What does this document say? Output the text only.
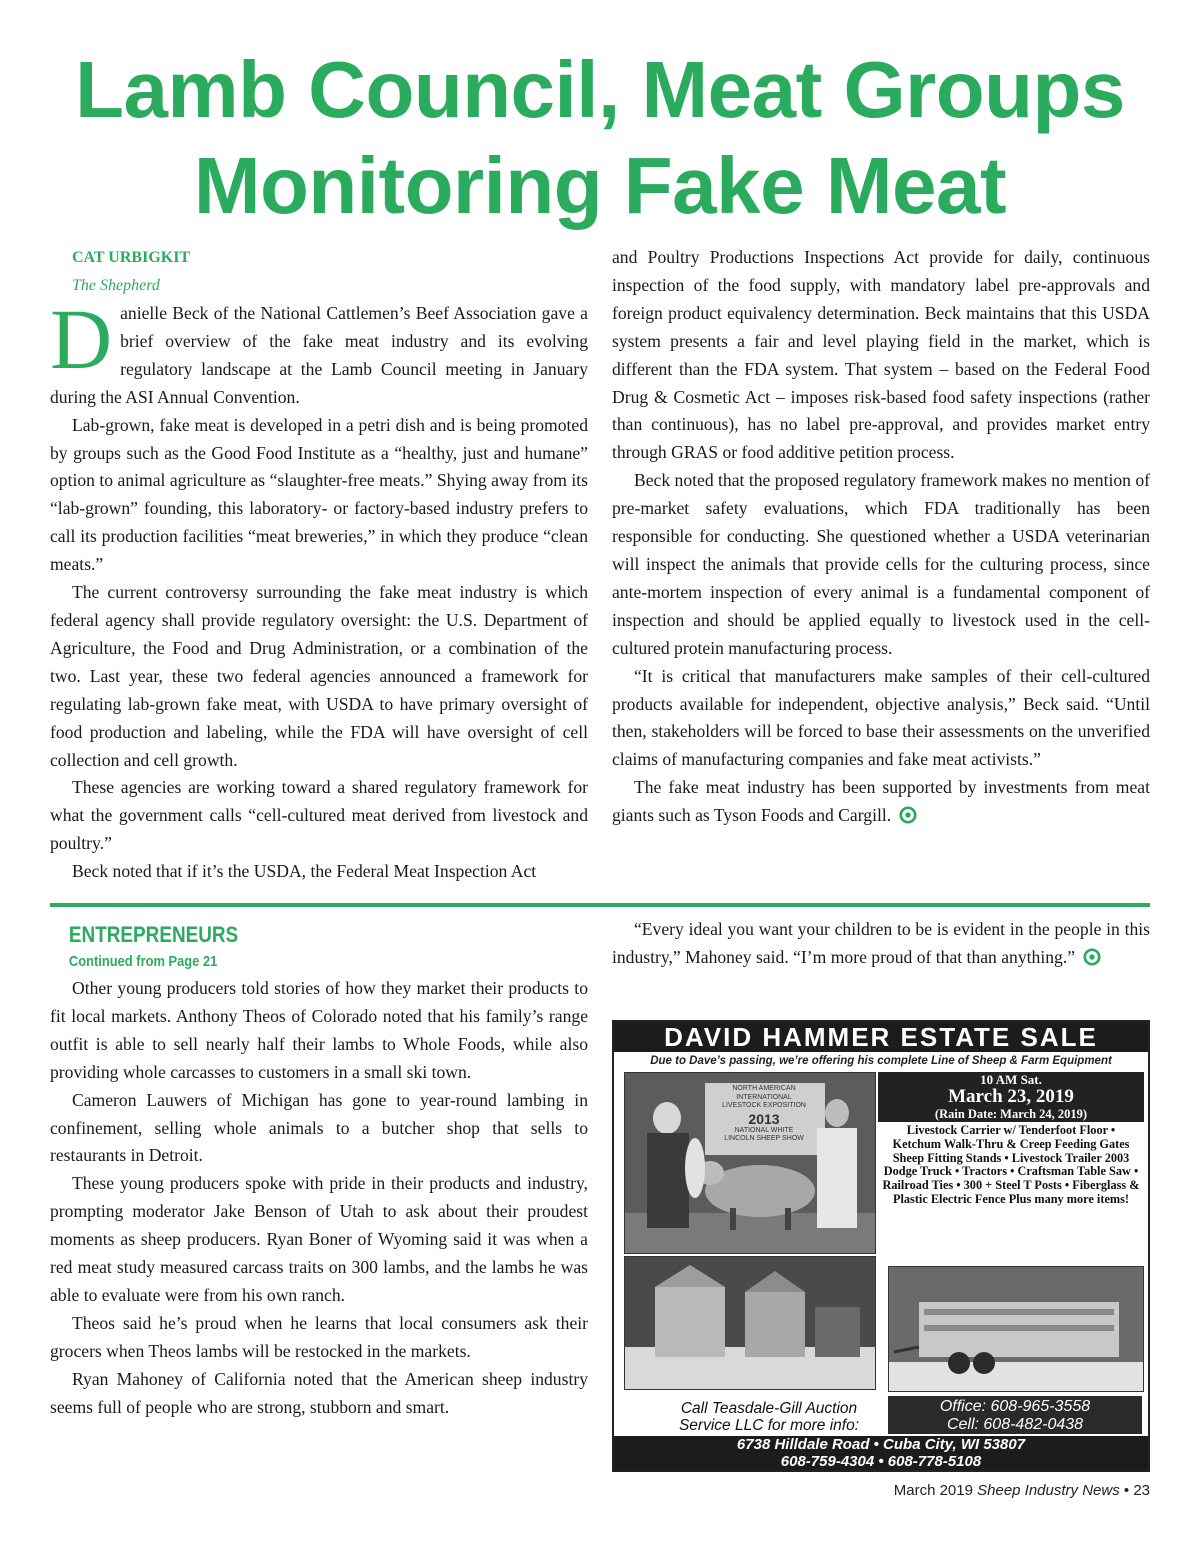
Lamb Council, Meat Groups
Monitoring Fake Meat

CAT URBIGKIT

The Shepherd

Danielle Beck of the National Cattlemen’s Beef Association gave a brief overview of the fake meat industry and its evolving regulatory landscape at the Lamb Council meeting in January during the ASI Annual Convention.

Lab-grown, fake meat is developed in a petri dish and is being promoted by groups such as the Good Food Institute as a “healthy, just and humane” option to animal agriculture as “slaughter-free meats.” Shying away from its “lab-grown” founding, this laboratory- or factory-based industry prefers to call its production facilities “meat breweries,” in which they produce “clean meats.”

The current controversy surrounding the fake meat industry is which federal agency shall provide regulatory oversight: the U.S. Department of Agriculture, the Food and Drug Administration, or a combination of the two. Last year, these two federal agencies announced a framework for regulating lab-grown fake meat, with USDA to have primary oversight of food production and labeling, while the FDA will have oversight of cell collection and cell growth.

These agencies are working toward a shared regulatory framework for what the government calls “cell-cultured meat derived from livestock and poultry.”

Beck noted that if it’s the USDA, the Federal Meat Inspection Act

and Poultry Productions Inspections Act provide for daily, continuous inspection of the food supply, with mandatory label pre-approvals and foreign product equivalency determination. Beck maintains that this USDA system presents a fair and level playing field in the market, which is different than the FDA system. That system – based on the Federal Food Drug & Cosmetic Act – imposes risk-based food safety inspections (rather than continuous), has no label pre-approval, and provides market entry through GRAS or food additive petition process.

Beck noted that the proposed regulatory framework makes no mention of pre-market safety evaluations, which FDA traditionally has been responsible for conducting. She questioned whether a USDA veterinarian will inspect the animals that provide cells for the culturing process, since ante-mortem inspection of every animal is a fundamental component of inspection and should be applied equally to livestock used in the cell-cultured protein manufacturing process.

“It is critical that manufacturers make samples of their cell-cultured products available for independent, objective analysis,” Beck said. “Until then, stakeholders will be forced to base their assessments on the unverified claims of manufacturing companies and fake meat activists.”

The fake meat industry has been supported by investments from meat giants such as Tyson Foods and Cargill.

ENTREPRENEURS

Continued from Page 21

Other young producers told stories of how they market their products to fit local markets. Anthony Theos of Colorado noted that his family’s range outfit is able to sell nearly half their lambs to Whole Foods, while also providing whole carcasses to customers in a small ski town.

Cameron Lauwers of Michigan has gone to year-round lambing in confinement, selling whole animals to a butcher shop that sells to restaurants in Detroit.

These young producers spoke with pride in their products and industry, prompting moderator Jake Benson of Utah to ask about their proudest moments as sheep producers. Ryan Boner of Wyoming said it was when a red meat study measured carcass traits on 300 lambs, and the lambs he was able to evaluate were from his own ranch.

Theos said he’s proud when he learns that local consumers ask their grocers when Theos lambs will be restocked in the markets.

Ryan Mahoney of California noted that the American sheep industry seems full of people who are strong, stubborn and smart.

“Every ideal you want your children to be is evident in the people in this industry,” Mahoney said. “I’m more proud of that than anything.”

DAVID HAMMER ESTATE SALE
Due to Dave’s passing, we’re offering his complete Line of Sheep & Farm Equipment
NORTH AMERICAN
INTERNATIONAL
LIVESTOCK EXPOSITION
2013
NATIONAL WHITE
LINCOLN SHEEP SHOW

10 AM Sat.

March 23, 2019

(Rain Date: March 24, 2019)

Livestock Carrier w/ Tenderfoot Floor • Ketchum Walk-Thru & Creep Feeding Gates Sheep Fitting Stands • Livestock Trailer 2003 Dodge Truck • Tractors • Craftsman Table Saw • Railroad Ties • 300 + Steel T Posts • Fiberglass & Plastic Electric Fence Plus many more items!

Call Teasdale-Gill Auction
Service LLC for more info:
Office: 608-965-3558
Cell: 608-482-0438
6738 Hilldale Road • Cuba City, WI 53807
608-759-4304 • 608-778-5108
March 2019 Sheep Industry News • 23
